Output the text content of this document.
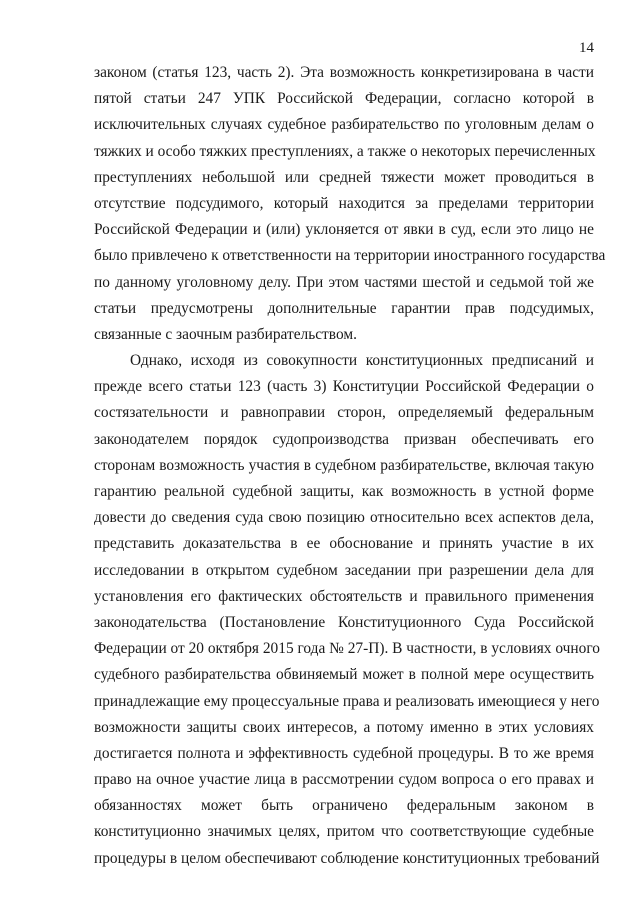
14

законом (статья 123, часть 2). Эта возможность конкретизирована в части
пятой статьи 247 УПК Российской Федерации, согласно которой в
исключительных случаях судебное разбирательство по уголовным делам о
тяжких и особо тяжких преступлениях, а также о некоторых перечисленных
преступлениях небольшой или средней тяжести может проводиться в
отсутствие подсудимого, который находится за пределами территории
Российской Федерации и (или) уклоняется от явки в суд, если это лицо не
было привлечено к ответственности на территории иностранного государства
по данному уголовному делу. При этом частями шестой и седьмой той же
статьи предусмотрены дополнительные гарантии прав подсудимых,
связанные с заочным разбирательством.

Однако, исходя из совокупности конституционных предписаний и
прежде всего статьи 123 (часть 3) Конституции Российской Федерации о
состязательности и равноправии сторон, определяемый федеральным
законодателем порядок судопроизводства призван обеспечивать его
сторонам возможность участия в судебном разбирательстве, включая такую
гарантию реальной судебной защиты, как возможность в устной форме
довести до сведения суда свою позицию относительно всех аспектов дела,
представить доказательства в ее обоснование и принять участие в их
исследовании в открытом судебном заседании при разрешении дела для
установления его фактических обстоятельств и правильного применения
законодательства (Постановление Конституционного Суда Российской
Федерации от 20 октября 2015 года № 27-П). В частности, в условиях очного
судебного разбирательства обвиняемый может в полной мере осуществить
принадлежащие ему процессуальные права и реализовать имеющиеся у него
возможности защиты своих интересов, а потому именно в этих условиях
достигается полнота и эффективность судебной процедуры. В то же время
право на очное участие лица в рассмотрении судом вопроса о его правах и
обязанностях может быть ограничено федеральным законом в
конституционно значимых целях, притом что соответствующие судебные
процедуры в целом обеспечивают соблюдение конституционных требований
